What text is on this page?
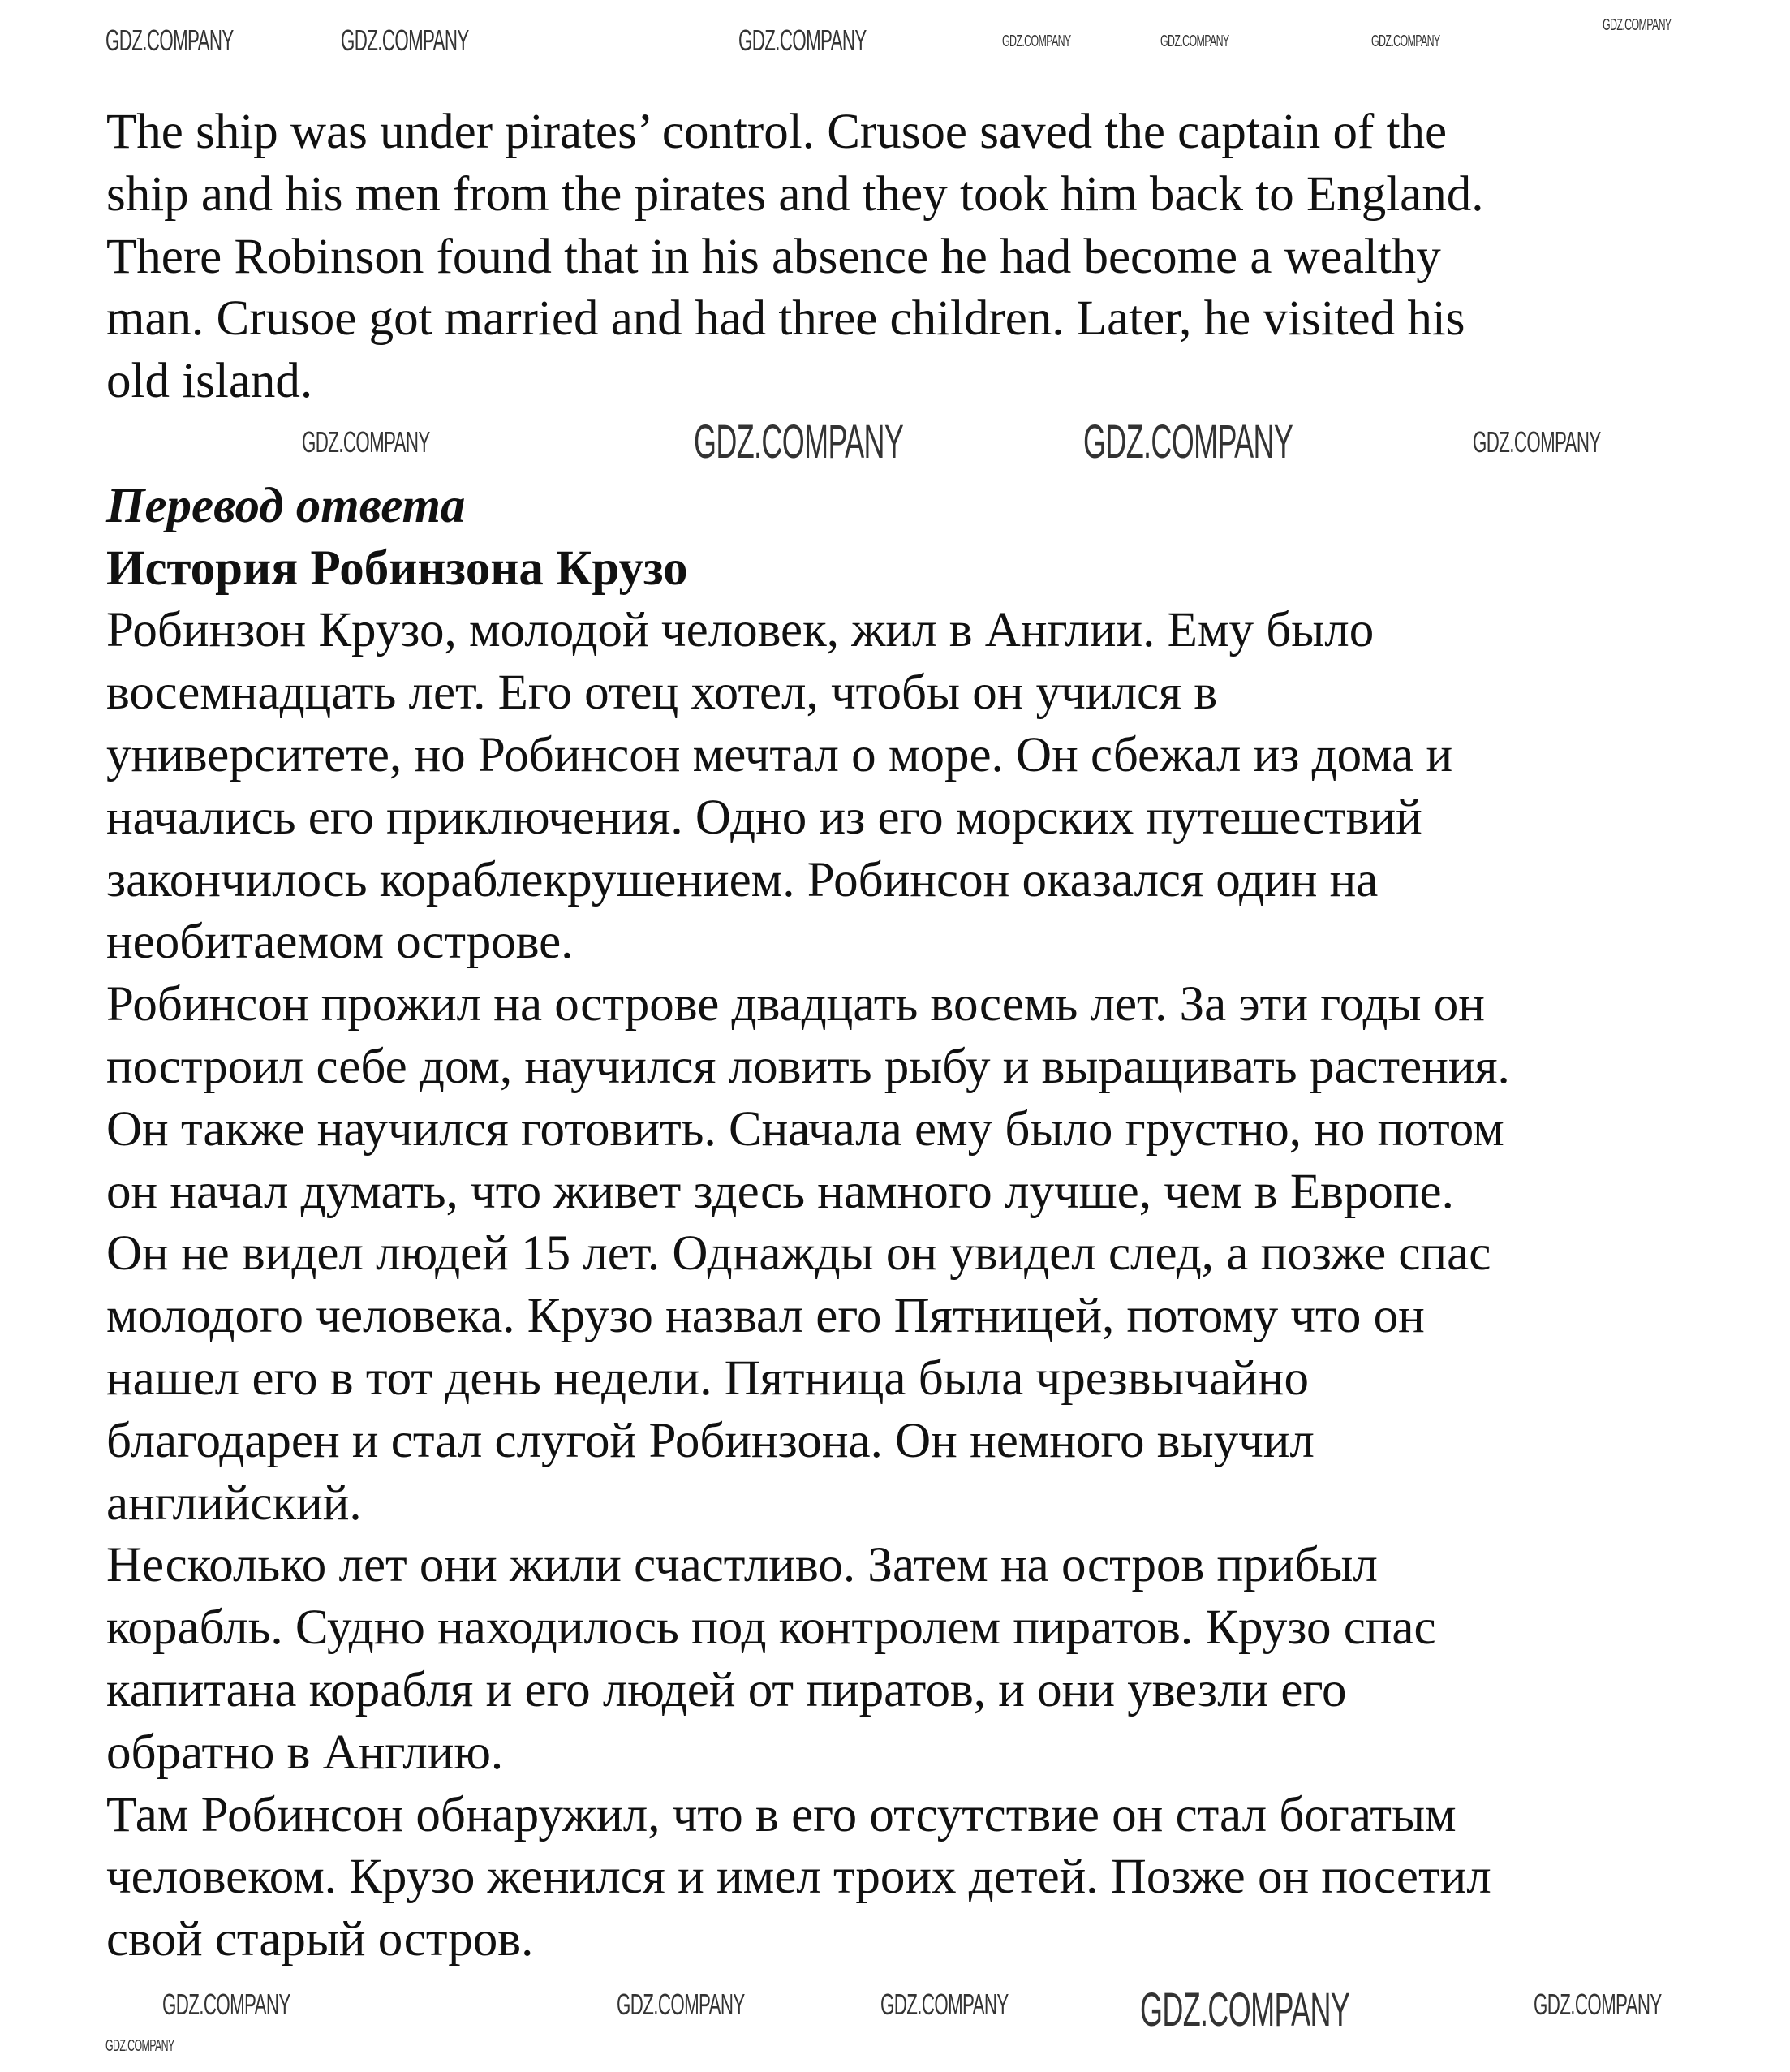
The ship was under pirates’ control. Crusoe saved the captain of the
ship and his men from the pirates and they took him back to England.
There Robinson found that in his absence he had become a wealthy
man. Crusoe got married and had three children. Later, he visited his
old island.
Перевод ответа
История Робинзона Крузо
Робинзон Крузо, молодой человек, жил в Англии. Ему было
восемнадцать лет. Его отец хотел, чтобы он учился в
университете, но Робинсон мечтал о море. Он сбежал из дома и
начались его приключения. Одно из его морских путешествий
закончилось кораблекрушением. Робинсон оказался один на
необитаемом острове.
Робинсон прожил на острове двадцать восемь лет. За эти годы он
построил себе дом, научился ловить рыбу и выращивать растения.
Он также научился готовить. Сначала ему было грустно, но потом
он начал думать, что живет здесь намного лучше, чем в Европе.
Он не видел людей 15 лет. Однажды он увидел след, а позже спас
молодого человека. Крузо назвал его Пятницей, потому что он
нашел его в тот день недели. Пятница была чрезвычайно
благодарен и стал слугой Робинзона. Он немного выучил
английский.
Несколько лет они жили счастливо. Затем на остров прибыл
корабль. Судно находилось под контролем пиратов. Крузо спас
капитана корабля и его людей от пиратов, и они увезли его
обратно в Англию.
Там Робинсон обнаружил, что в его отсутствие он стал богатым
человеком. Крузо женился и имел троих детей. Позже он посетил
свой старый остров.
GDZ.COMPANY	GDZ.COMPANY	GDZ.COMPANY	GDZ.COMPANY	GDZ.COMPANY	GDZ.COMPANY
GDZ.COMPANY
GDZ.COMPANY	GDZ.COMPANY	GDZ.COMPANY
GDZ.COMPANY
GDZ.COMPANY	GDZ.COMPANY	GDZ.COMPANY	GDZ.COMPANY	GDZ.COMPANY
GDZ.COMPANY
